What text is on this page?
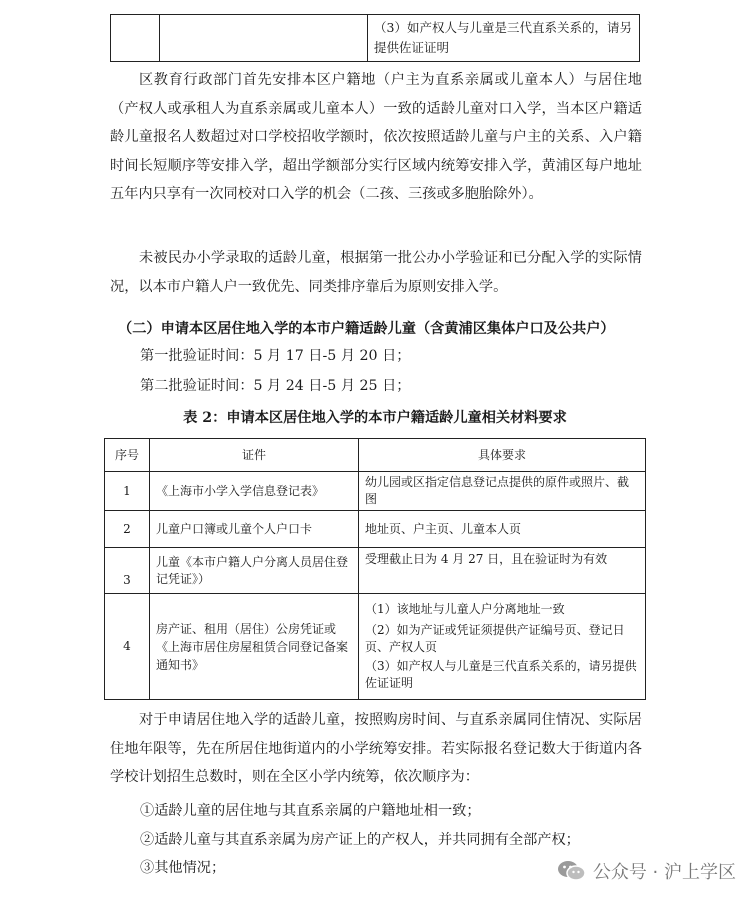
		（3）如产权人与儿童是三代直系关系的，请另提供佐证证明

区教育行政部门首先安排本区户籍地（户主为直系亲属或儿童本人）与居住地（产权人或承租人为直系亲属或儿童本人）一致的适龄儿童对口入学，当本区户籍适龄儿童报名人数超过对口学校招收学额时，依次按照适龄儿童与户主的关系、入户籍时间长短顺序等安排入学，超出学额部分实行区域内统筹安排入学，黄浦区每户地址五年内只享有一次同校对口入学的机会（二孩、三孩或多胞胎除外）。

未被民办小学录取的适龄儿童，根据第一批公办小学验证和已分配入学的实际情况，以本市户籍人户一致优先、同类排序靠后为原则安排入学。

（二）申请本区居住地入学的本市户籍适龄儿童（含黄浦区集体户口及公共户）
第一批验证时间：5 月 17 日-5 月 20 日；
第二批验证时间：5 月 24 日-5 月 25 日；
表 2：申请本区居住地入学的本市户籍适龄儿童相关材料要求
序号	证件	具体要求
1	《上海市小学入学信息登记表》	幼儿园或区指定信息登记点提供的原件或照片、截图
2	儿童户口簿或儿童个人户口卡	地址页、户主页、儿童本人页
3	儿童《本市户籍人户分离人员居住登记凭证》）	受理截止日为 4 月 27 日，且在验证时为有效
4	房产证、租用（居住）公房凭证或《上海市居住房屋租赁合同登记备案通知书》	（1）该地址与儿童人户分离地址一致
（2）如为产证或凭证须提供产证编号页、登记日页、产权人页
（3）如产权人与儿童是三代直系关系的，请另提供佐证证明

对于申请居住地入学的适龄儿童，按照购房时间、与直系亲属同住情况、实际居住地年限等，先在所居住地街道内的小学统筹安排。若实际报名登记数大于街道内各学校计划招生总数时，则在全区小学内统筹，依次顺序为：

①适龄儿童的居住地与其直系亲属的户籍地址相一致；
②适龄儿童与其直系亲属为房产证上的产权人，并共同拥有全部产权；
③其他情况；	公众号 · 沪上学区
